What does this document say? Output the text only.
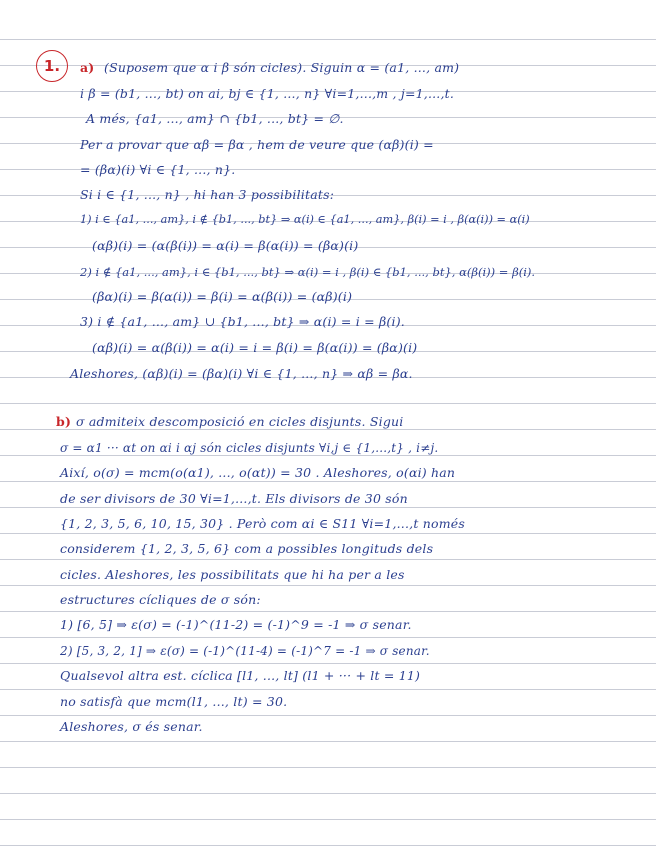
1.	a) (Suposem que α i β són cicles). Siguin α = (a1, ..., am)
i β = (b1, ..., bt) on ai, bj ∈ {1, ..., n} ∀i=1,...,m , j=1,...,t.
A més, {a1, ..., am} ∩ {b1, ..., bt} = ∅.
Per a provar que αβ = βα , hem de veure que (αβ)(i) =
= (βα)(i) ∀i ∈ {1, ..., n}.
Si i ∈ {1, ..., n} , hi han 3 possibilitats:
1) i ∈ {a1, ..., am}, i ∉ {b1, ..., bt} ⇒ α(i) ∈ {a1, ..., am}, β(i) = i , β(α(i)) = α(i)
(αβ)(i) = (α(β(i)) = α(i) = β(α(i)) = (βα)(i)
2) i ∉ {a1, ..., am}, i ∈ {b1, ..., bt} ⇒ α(i) = i , β(i) ∈ {b1, ..., bt}, α(β(i)) = β(i).
(βα)(i) = β(α(i)) = β(i) = α(β(i)) = (αβ)(i)
3) i ∉ {a1, ..., am} ∪ {b1, ..., bt} ⇒ α(i) = i = β(i).
(αβ)(i) = α(β(i)) = α(i) = i = β(i) = β(α(i)) = (βα)(i)
Aleshores, (αβ)(i) = (βα)(i) ∀i ∈ {1, ..., n} ⇒ αβ = βα.
b) σ admiteix descomposició en cicles disjunts. Sigui
σ = α1 ··· αt on αi i αj són cicles disjunts ∀i,j ∈ {1,...,t} , i≠j.
Així, o(σ) = mcm(o(α1), ..., o(αt)) = 30 . Aleshores, o(αi) han
de ser divisors de 30 ∀i=1,...,t. Els divisors de 30 són
{1, 2, 3, 5, 6, 10, 15, 30} . Però com αi ∈ S11 ∀i=1,...,t només
considerem {1, 2, 3, 5, 6} com a possibles longituds dels
cicles. Aleshores, les possibilitats que hi ha per a les
estructures cícliques de σ són:
1) [6, 5] ⇒ ε(σ) = (-1)^(11-2) = (-1)^9 = -1 ⇒ σ senar.
2) [5, 3, 2, 1] ⇒ ε(σ) = (-1)^(11-4) = (-1)^7 = -1 ⇒ σ senar.
Qualsevol altra est. cíclica [l1, ..., lt] (l1 + ··· + lt = 11)
no satisfà que mcm(l1, ..., lt) = 30.
Aleshores, σ és senar.
